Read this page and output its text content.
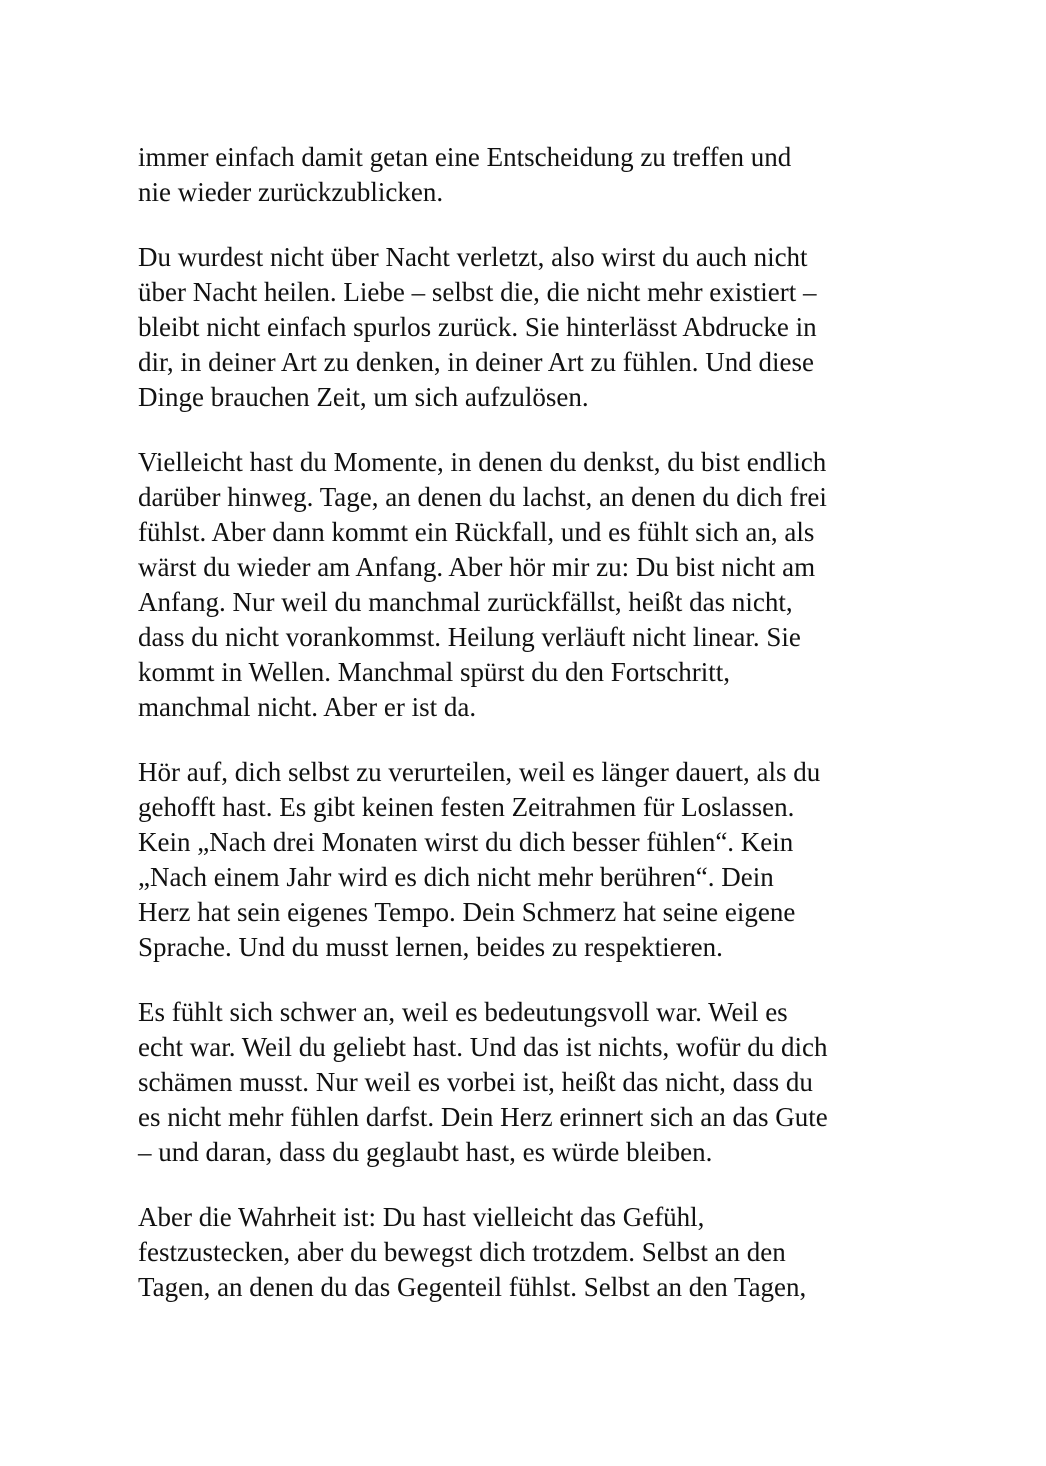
immer einfach damit getan eine Entscheidung zu treffen und
nie wieder zurückzublicken.

Du wurdest nicht über Nacht verletzt, also wirst du auch nicht
über Nacht heilen. Liebe – selbst die, die nicht mehr existiert –
bleibt nicht einfach spurlos zurück. Sie hinterlässt Abdrucke in
dir, in deiner Art zu denken, in deiner Art zu fühlen. Und diese
Dinge brauchen Zeit, um sich aufzulösen.

Vielleicht hast du Momente, in denen du denkst, du bist endlich
darüber hinweg. Tage, an denen du lachst, an denen du dich frei
fühlst. Aber dann kommt ein Rückfall, und es fühlt sich an, als
wärst du wieder am Anfang. Aber hör mir zu: Du bist nicht am
Anfang. Nur weil du manchmal zurückfällst, heißt das nicht,
dass du nicht vorankommst. Heilung verläuft nicht linear. Sie
kommt in Wellen. Manchmal spürst du den Fortschritt,
manchmal nicht. Aber er ist da.

Hör auf, dich selbst zu verurteilen, weil es länger dauert, als du
gehofft hast. Es gibt keinen festen Zeitrahmen für Loslassen.
Kein „Nach drei Monaten wirst du dich besser fühlen“. Kein
„Nach einem Jahr wird es dich nicht mehr berühren“. Dein
Herz hat sein eigenes Tempo. Dein Schmerz hat seine eigene
Sprache. Und du musst lernen, beides zu respektieren.

Es fühlt sich schwer an, weil es bedeutungsvoll war. Weil es
echt war. Weil du geliebt hast. Und das ist nichts, wofür du dich
schämen musst. Nur weil es vorbei ist, heißt das nicht, dass du
es nicht mehr fühlen darfst. Dein Herz erinnert sich an das Gute
– und daran, dass du geglaubt hast, es würde bleiben.

Aber die Wahrheit ist: Du hast vielleicht das Gefühl,
festzustecken, aber du bewegst dich trotzdem. Selbst an den
Tagen, an denen du das Gegenteil fühlst. Selbst an den Tagen,
